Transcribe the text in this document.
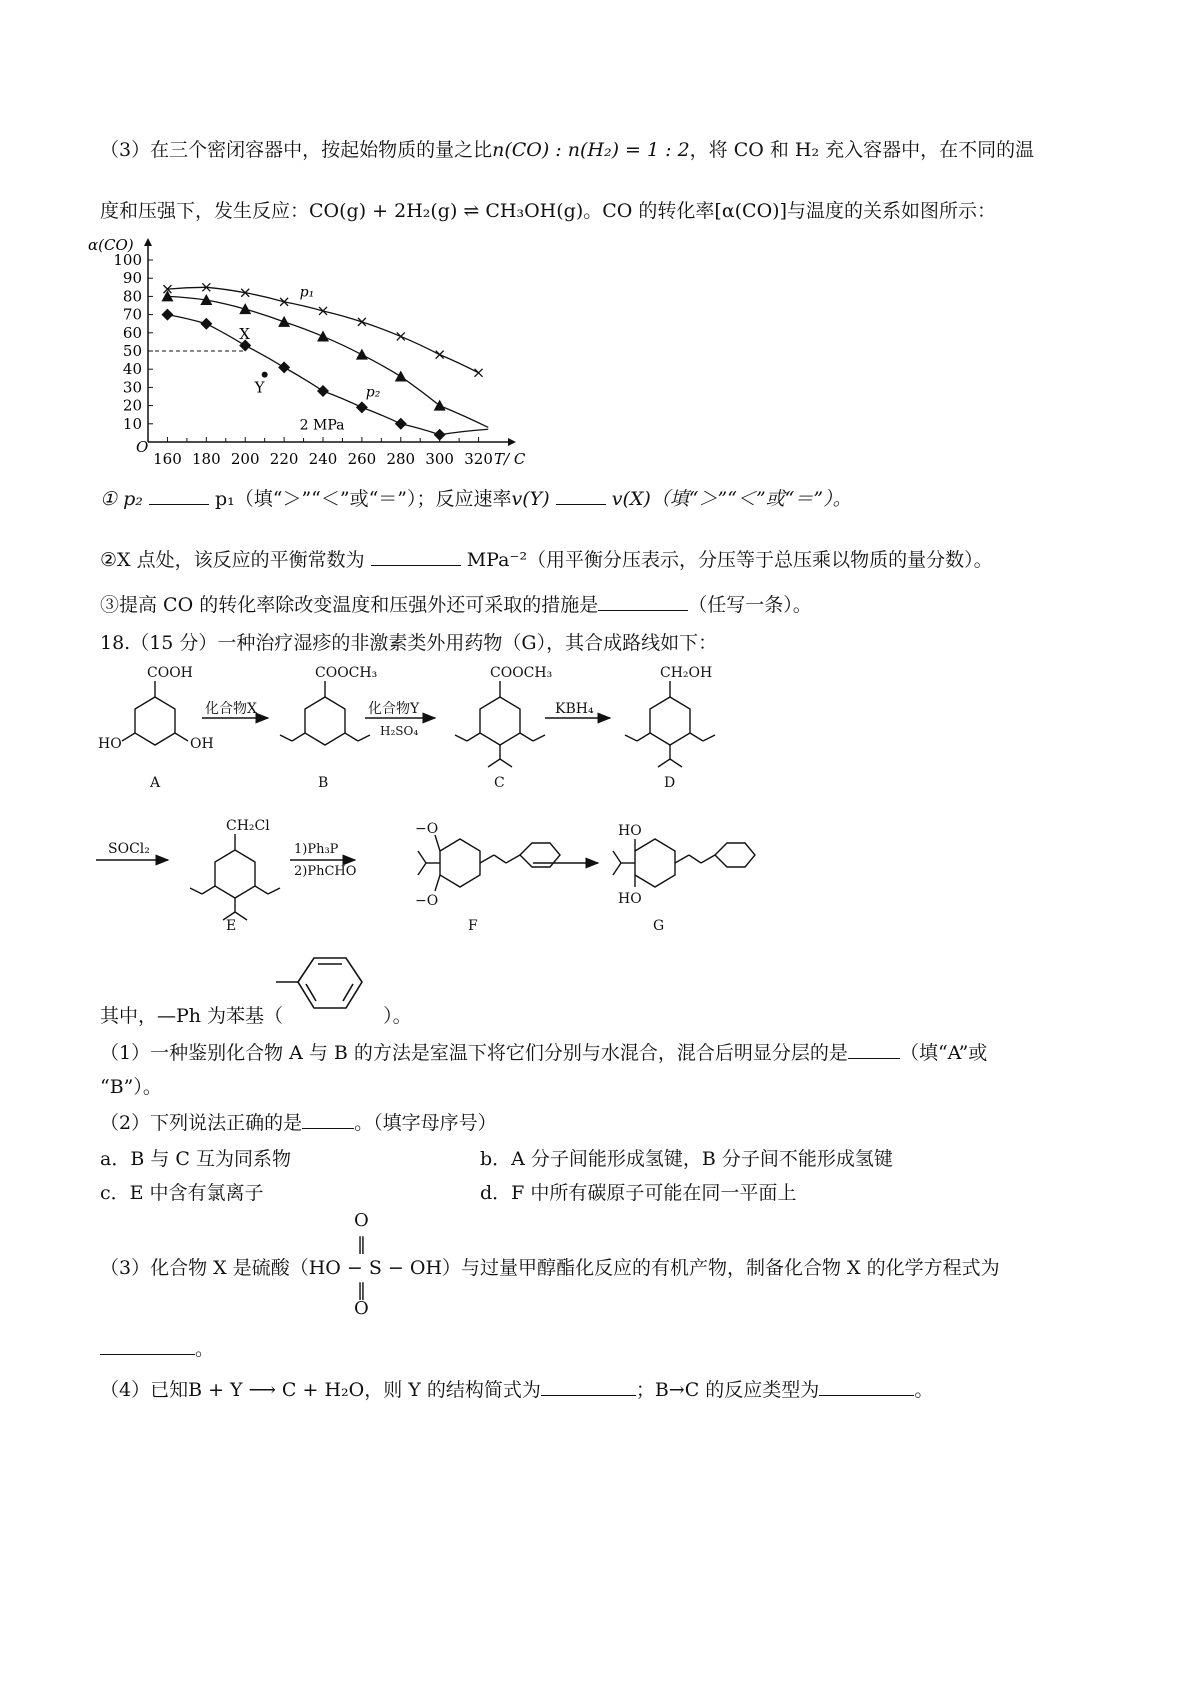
（3）在三个密闭容器中，按起始物质的量之比n(CO) : n(H₂) = 1 : 2，将 CO 和 H₂ 充入容器中，在不同的温
度和压强下，发生反应：CO(g) + 2H₂(g) ⇌ CH₃OH(g)。CO 的转化率[α(CO)]与温度的关系如图所示：
α(CO)
T/ C
O
10
20
30
40
50
60
70
80
90
100
160 180 200 220 240 260 280 300 320
p₁
p₂
2 MPa
X
Y
① p₂	p₁（填“＞”“＜”或“＝”）；反应速率v(Y)	v(X)（填“＞”“＜”或“＝”）。
②X 点处，该反应的平衡常数为	MPa⁻²（用平衡分压表示，分压等于总压乘以物质的量分数）。
③提高 CO 的转化率除改变温度和压强外还可采取的措施是	（任写一条）。
18.（15 分）一种治疗湿疹的非激素类外用药物（G），其合成路线如下：
COOH
HO	OH
COOCH₃	COOCH₃	CH₂OH
CH₂Cl	−O
−O
HO
HO
化合物X	化合物Y
H₂SO₄
KBH₄
SOCl₂	1)Ph₃P
2)PhCHO
A	B	C	D
E	F	G
其中，—Ph 为苯基（	）。
（1）一种鉴别化合物 A 与 B 的方法是室温下将它们分别与水混合，混合后明显分层的是	（填“A”或
“B”）。
（2）下列说法正确的是	。（填字母序号）
a．B 与 C 互为同系物	b．A 分子间能形成氢键，B 分子间不能形成氢键
c．E 中含有氯离子	d．F 中所有碳原子可能在同一平面上
（3）化合物 X 是硫酸（HO − S − OH）与过量甲醇酯化反应的有机产物，制备化合物 X 的化学方程式为
O
‖
‖
O
。
（4）已知B + Y ⟶ C + H₂O，则 Y 的结构简式为	；B→C 的反应类型为	。
